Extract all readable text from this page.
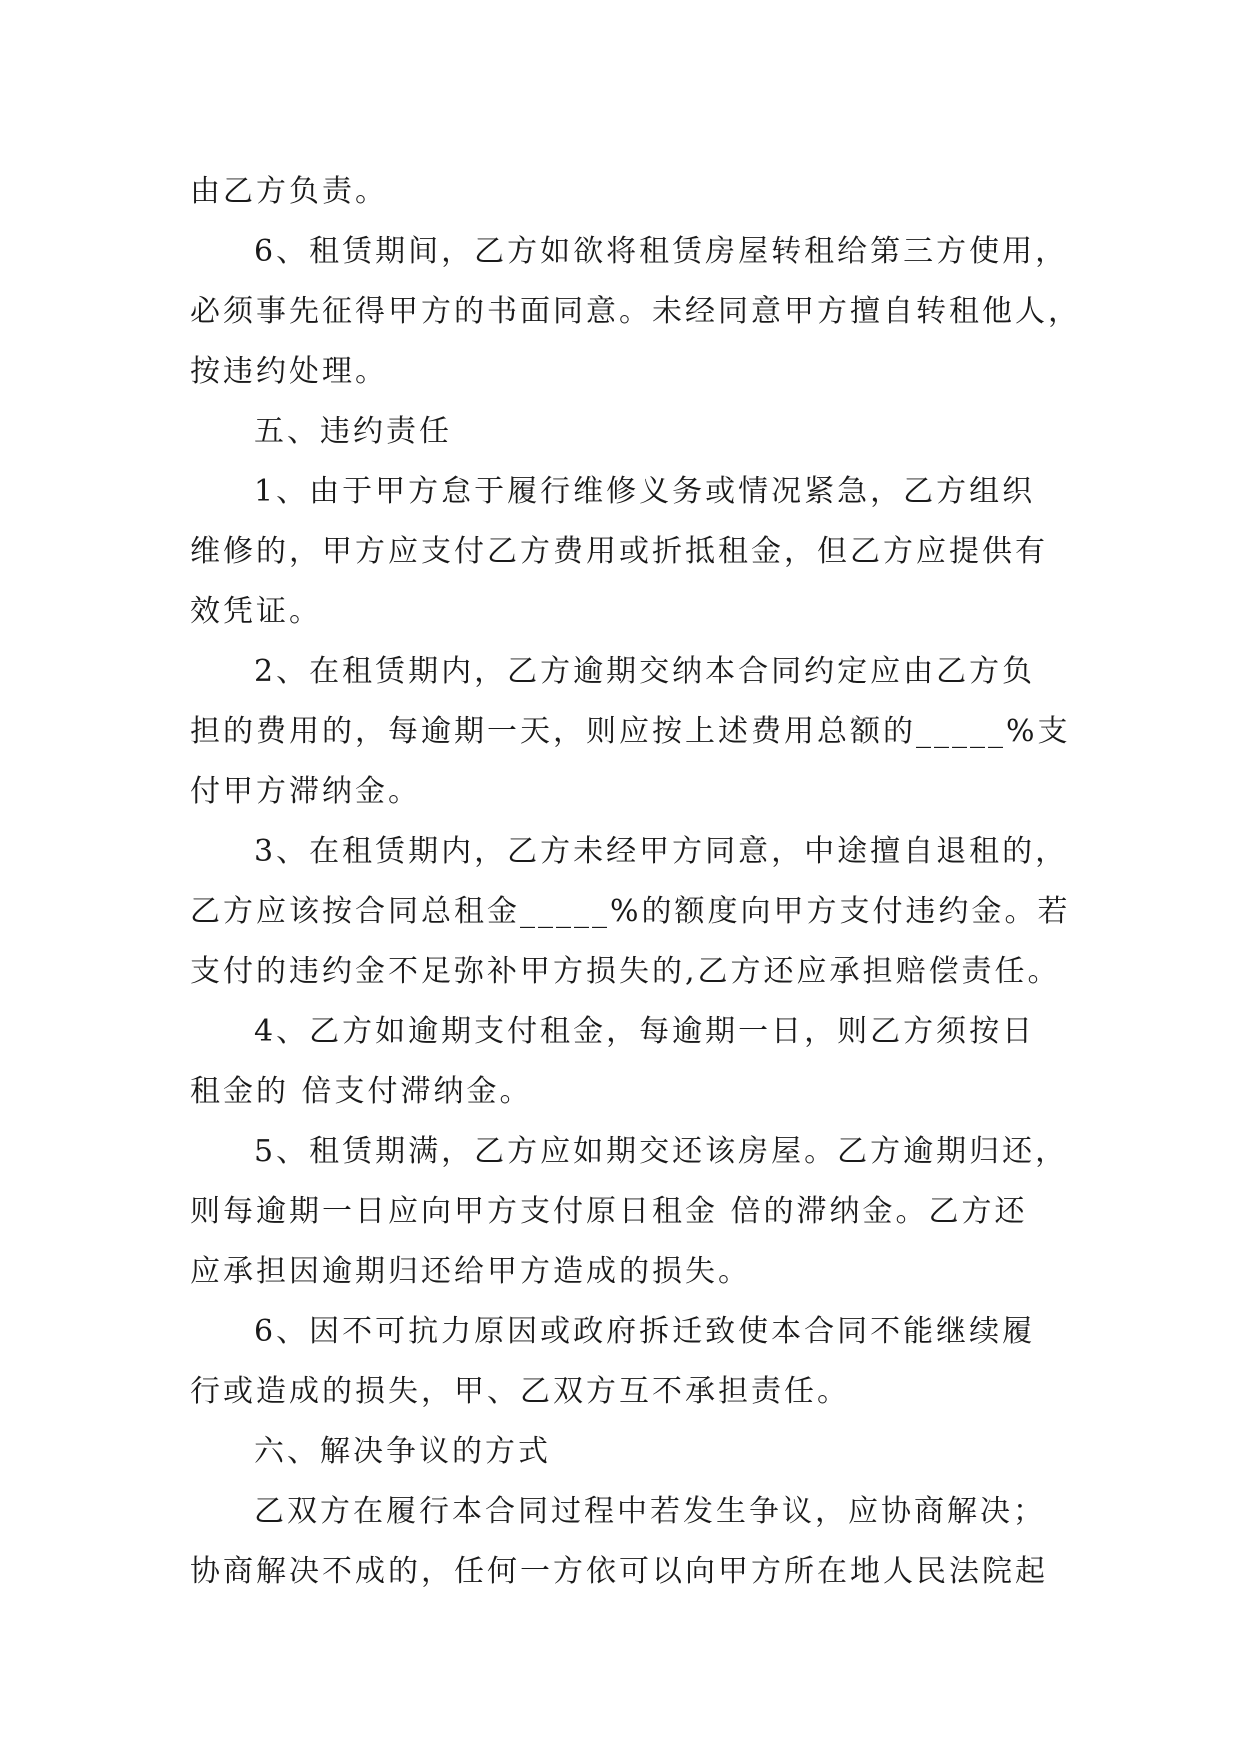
由乙方负责。
6、租赁期间，乙方如欲将租赁房屋转租给第三方使用，
必须事先征得甲方的书面同意。未经同意甲方擅自转租他人，
按违约处理。
五、违约责任
1、由于甲方怠于履行维修义务或情况紧急，乙方组织
维修的，甲方应支付乙方费用或折抵租金，但乙方应提供有
效凭证。
2、在租赁期内，乙方逾期交纳本合同约定应由乙方负
担的费用的，每逾期一天，则应按上述费用总额的_____%支
付甲方滞纳金。
3、在租赁期内，乙方未经甲方同意，中途擅自退租的，
乙方应该按合同总租金_____%的额度向甲方支付违约金。若
支付的违约金不足弥补甲方损失的,乙方还应承担赔偿责任。
4、乙方如逾期支付租金，每逾期一日，则乙方须按日
租金的 倍支付滞纳金。
5、租赁期满，乙方应如期交还该房屋。乙方逾期归还，
则每逾期一日应向甲方支付原日租金 倍的滞纳金。乙方还
应承担因逾期归还给甲方造成的损失。
6、因不可抗力原因或政府拆迁致使本合同不能继续履
行或造成的损失，甲、乙双方互不承担责任。
六、解决争议的方式
乙双方在履行本合同过程中若发生争议，应协商解决；
协商解决不成的，任何一方依可以向甲方所在地人民法院起
